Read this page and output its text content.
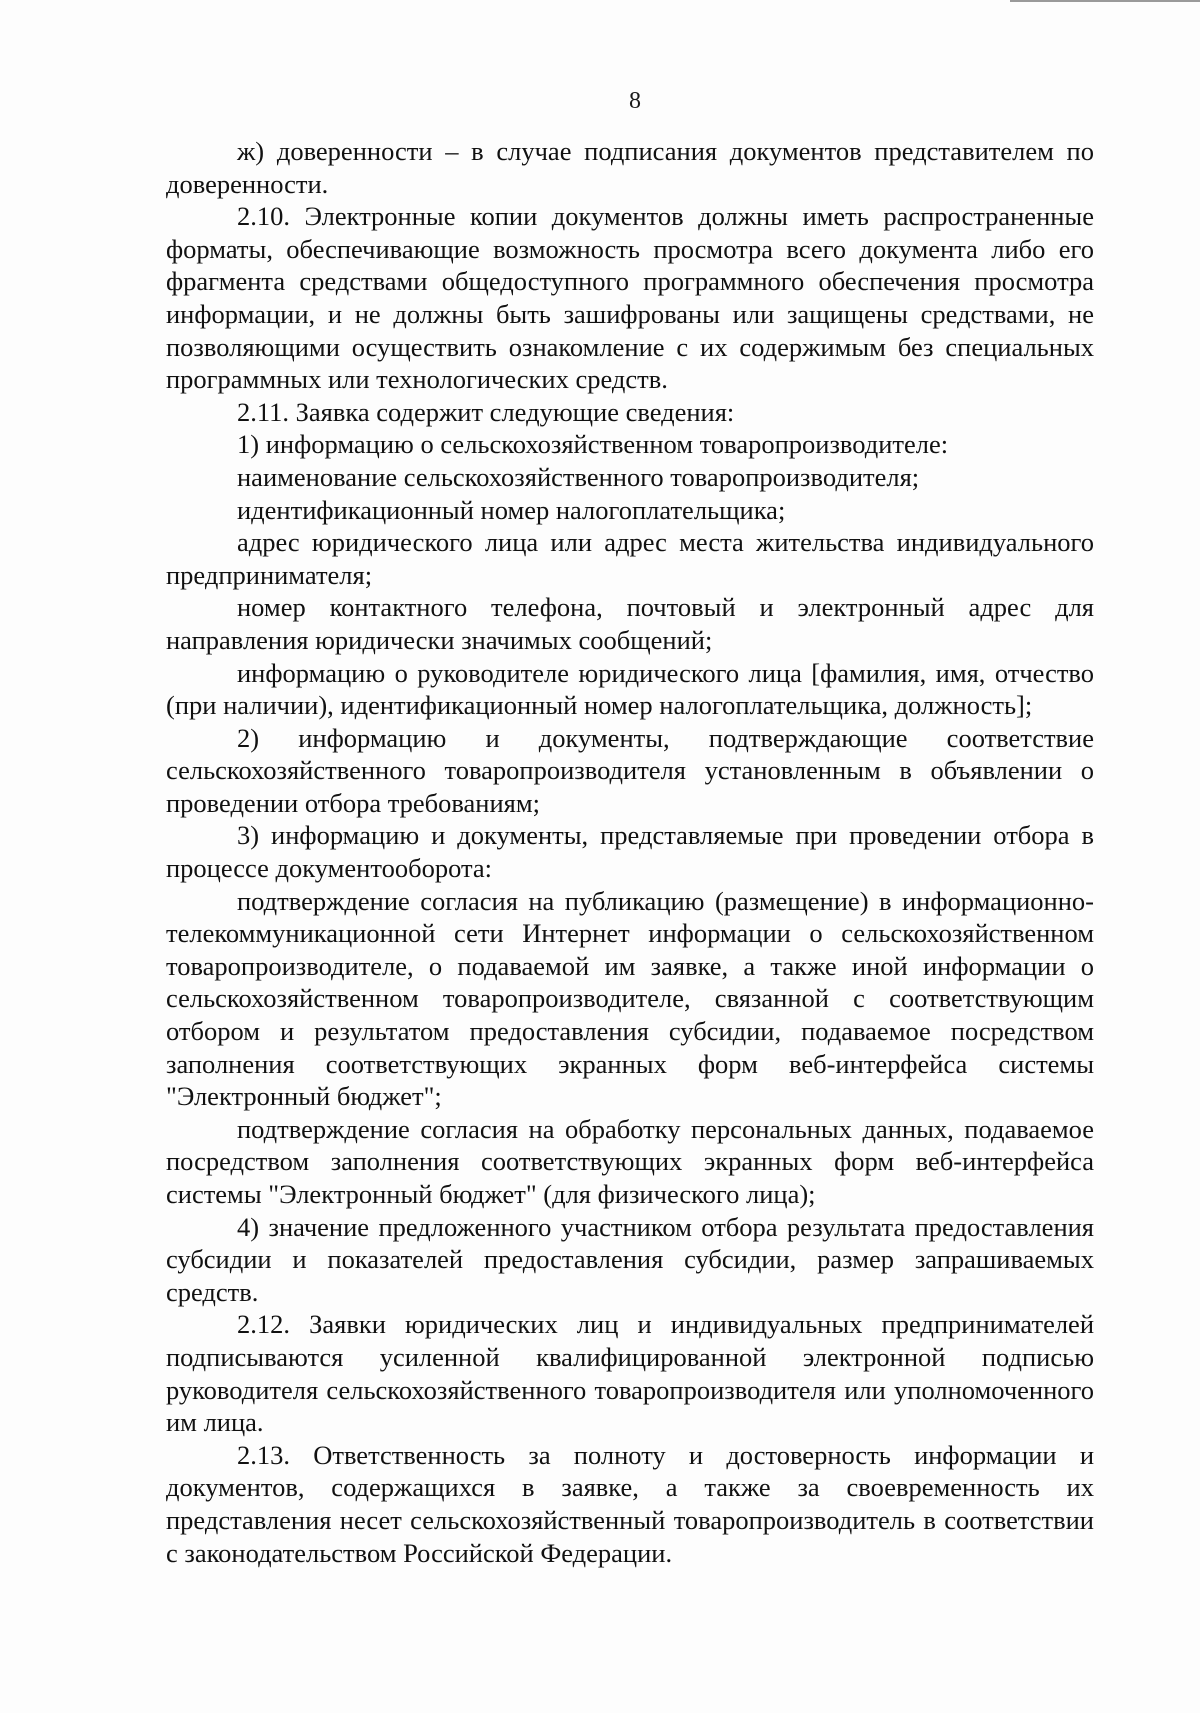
8

ж) доверенности – в случае подписания документов представителем по доверенности.

2.10. Электронные копии документов должны иметь распространенные форматы, обеспечивающие возможность просмотра всего документа либо его фрагмента средствами общедоступного программного обеспечения просмотра информации, и не должны быть зашифрованы или защищены средствами, не позволяющими осуществить ознакомление с их содержимым без специальных программных или технологических средств.

2.11. Заявка содержит следующие сведения:

1) информацию о сельскохозяйственном товаропроизводителе:

наименование сельскохозяйственного товаропроизводителя;

идентификационный номер налогоплательщика;

адрес юридического лица или адрес места жительства индивидуального предпринимателя;

номер контактного телефона, почтовый и электронный адрес для направления юридически значимых сообщений;

информацию о руководителе юридического лица [фамилия, имя, отчество (при наличии), идентификационный номер налогоплательщика, должность];

2) информацию и документы, подтверждающие соответствие сельскохозяйственного товаропроизводителя установленным в объявлении о проведении отбора требованиям;

3) информацию и документы, представляемые при проведении отбора в процессе документооборота:

подтверждение согласия на публикацию (размещение) в информационно-телекоммуникационной сети Интернет информации о сельскохозяйственном товаропроизводителе, о подаваемой им заявке, а также иной информации о сельскохозяйственном товаропроизводителе, связанной с соответствующим отбором и результатом предоставления субсидии, подаваемое посредством заполнения соответствующих экранных форм веб-интерфейса системы "Электронный бюджет";

подтверждение согласия на обработку персональных данных, подаваемое посредством заполнения соответствующих экранных форм веб-интерфейса системы "Электронный бюджет" (для физического лица);

4) значение предложенного участником отбора результата предоставления субсидии и показателей предоставления субсидии, размер запрашиваемых средств.

2.12. Заявки юридических лиц и индивидуальных предпринимателей подписываются усиленной квалифицированной электронной подписью руководителя сельскохозяйственного товаропроизводителя или уполномоченного им лица.

2.13. Ответственность за полноту и достоверность информации и документов, содержащихся в заявке, а также за своевременность их представления несет сельскохозяйственный товаропроизводитель в соответствии с законодательством Российской Федерации.
